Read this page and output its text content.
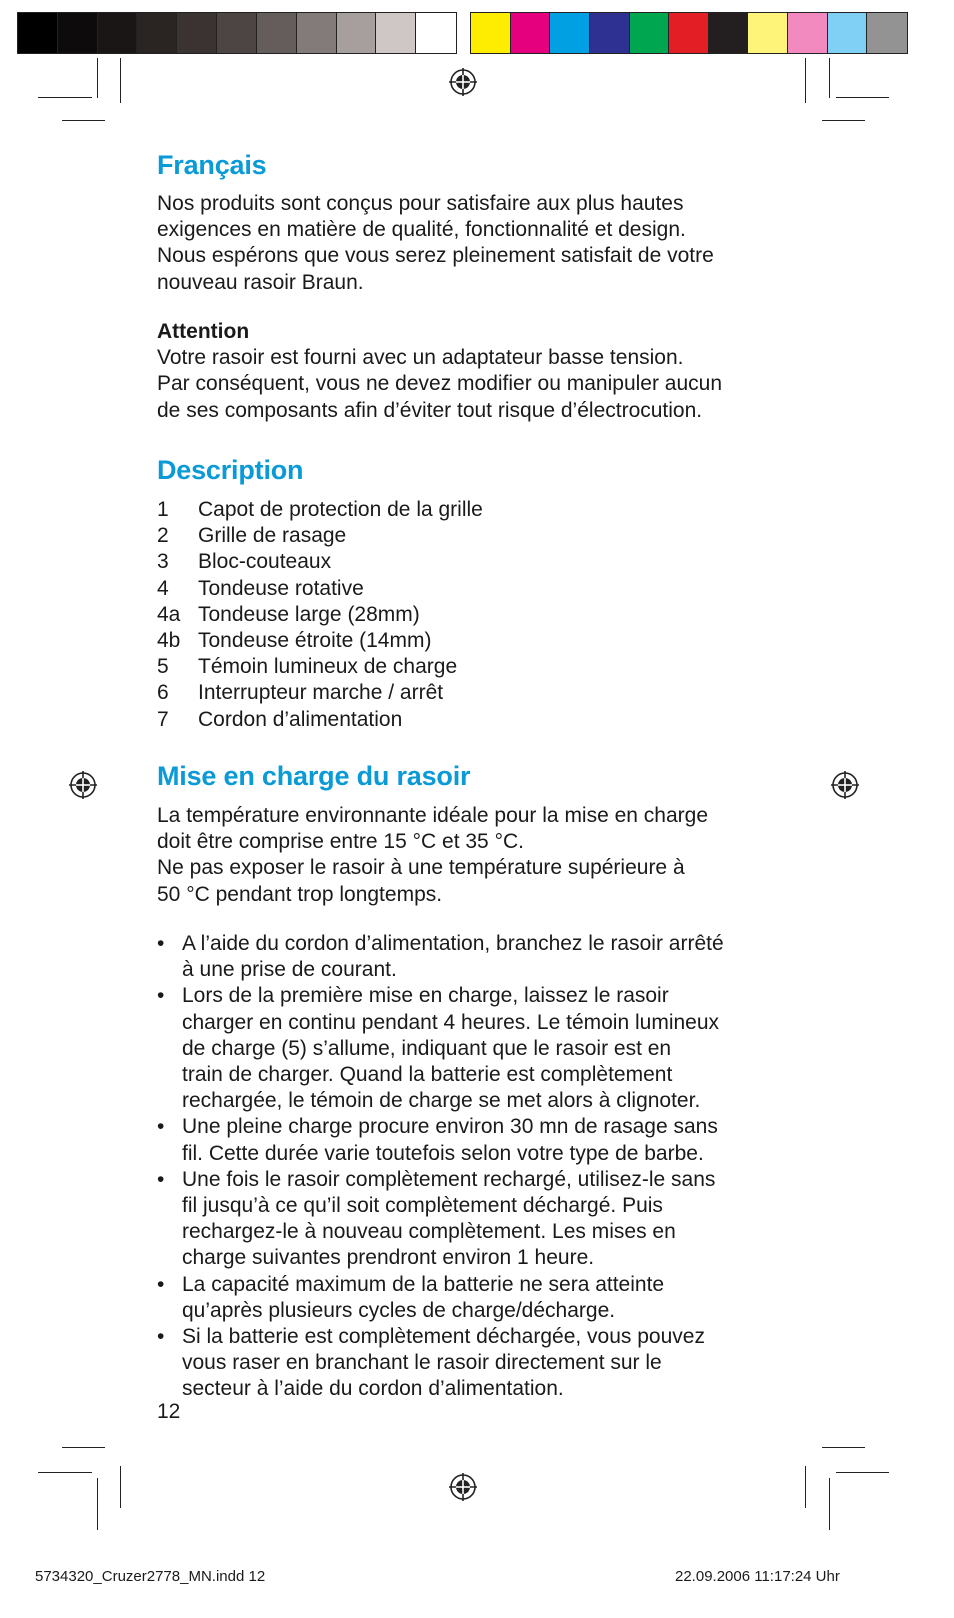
Français
Nos produits sont conçus pour satisfaire aux plus hautes
exigences en matière de qualité, fonctionnalité et design.
Nous espérons que vous serez pleinement satisfait de votre
nouveau rasoir Braun.
Attention
Votre rasoir est fourni avec un adaptateur basse tension.
Par conséquent, vous ne devez modifier ou manipuler aucun
de ses composants afin d’éviter tout risque d’électrocution.
Description
1	Capot de protection de la grille
2	Grille de rasage
3	Bloc-couteaux
4	Tondeuse rotative
4a Tondeuse large (28mm)
4b Tondeuse étroite (14mm)
5	Témoin lumineux de charge
6	Interrupteur marche / arrêt
7	Cordon d’alimentation
Mise en charge du rasoir
La température environnante idéale pour la mise en charge
doit être comprise entre 15 °C et 35 °C.
Ne pas exposer le rasoir à une température supérieure à
50 °C pendant trop longtemps.
• A l’aide du cordon d’alimentation, branchez le rasoir arrêté
à une prise de courant.
• Lors de la première mise en charge, laissez le rasoir
charger en continu pendant 4 heures. Le témoin lumineux
de charge (5) s’allume, indiquant que le rasoir est en
train de charger. Quand la batterie est complètement
rechargée, le témoin de charge se met alors à clignoter.
• Une pleine charge procure environ 30 mn de rasage sans
fil. Cette durée varie toutefois selon votre type de barbe.
• Une fois le rasoir complètement rechargé, utilisez-le sans
fil jusqu’à ce qu’il soit complètement déchargé. Puis
rechargez-le à nouveau complètement. Les mises en
charge suivantes prendront environ 1 heure.
• La capacité maximum de la batterie ne sera atteinte
qu’après plusieurs cycles de charge/décharge.
• Si la batterie est complètement déchargée, vous pouvez
vous raser en branchant le rasoir directement sur le
secteur à l’aide du cordon d’alimentation.
12
5734320_Cruzer2778_MN.indd 12	22.09.2006 11:17:24 Uhr
